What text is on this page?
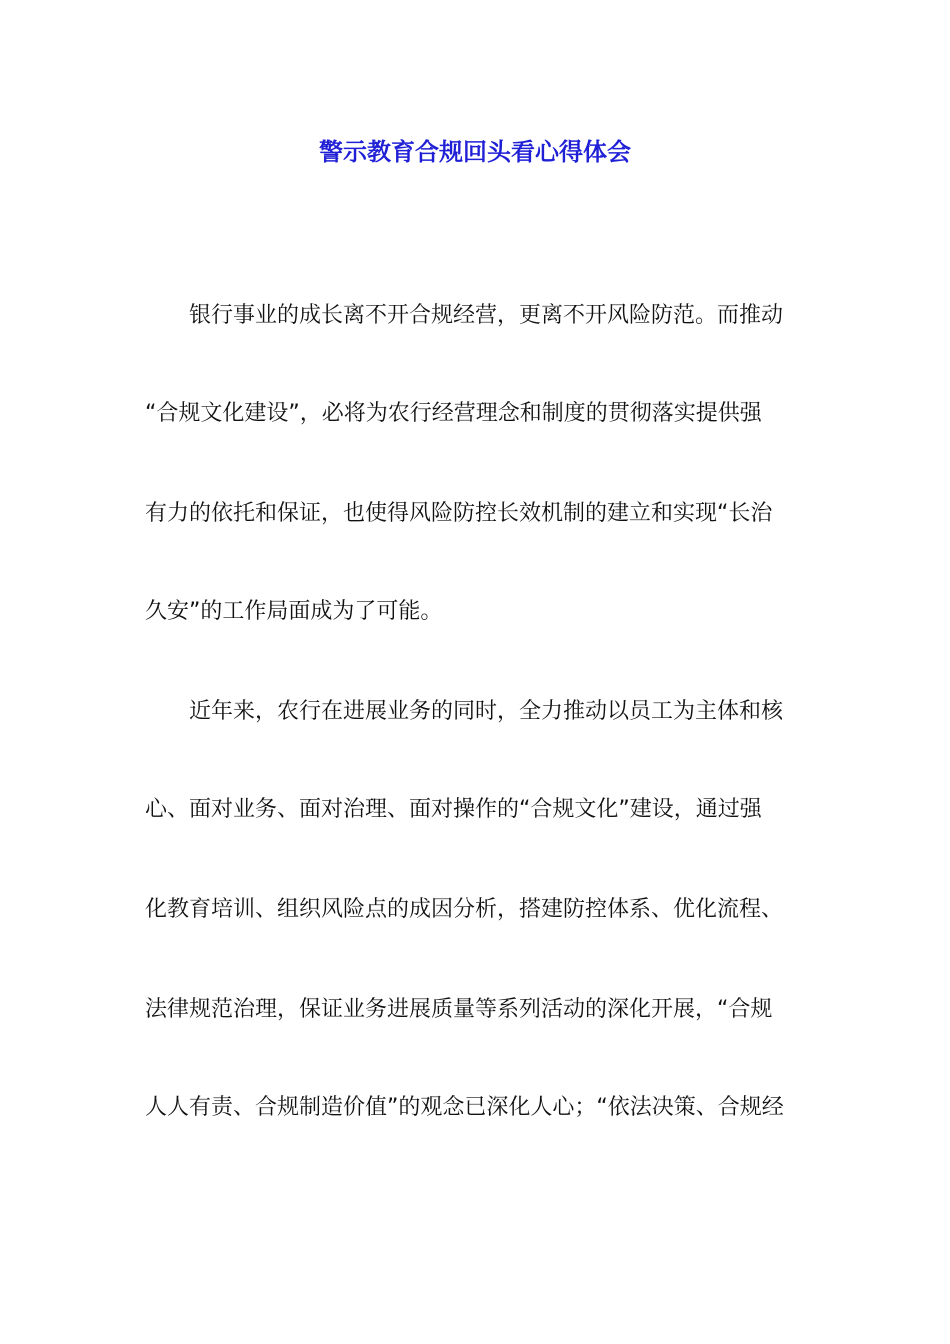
警示教育合规回头看心得体会
银行事业的成长离不开合规经营，更离不开风险防范。而推动
“合规文化建设”，必将为农行经营理念和制度的贯彻落实提供强
有力的依托和保证，也使得风险防控长效机制的建立和实现“长治
久安”的工作局面成为了可能。
近年来，农行在进展业务的同时，全力推动以员工为主体和核
心、面对业务、面对治理、面对操作的“合规文化”建设，通过强
化教育培训、组织风险点的成因分析，搭建防控体系、优化流程、
法律规范治理，保证业务进展质量等系列活动的深化开展，“合规
人人有责、合规制造价值”的观念已深化人心；“依法决策、合规经
